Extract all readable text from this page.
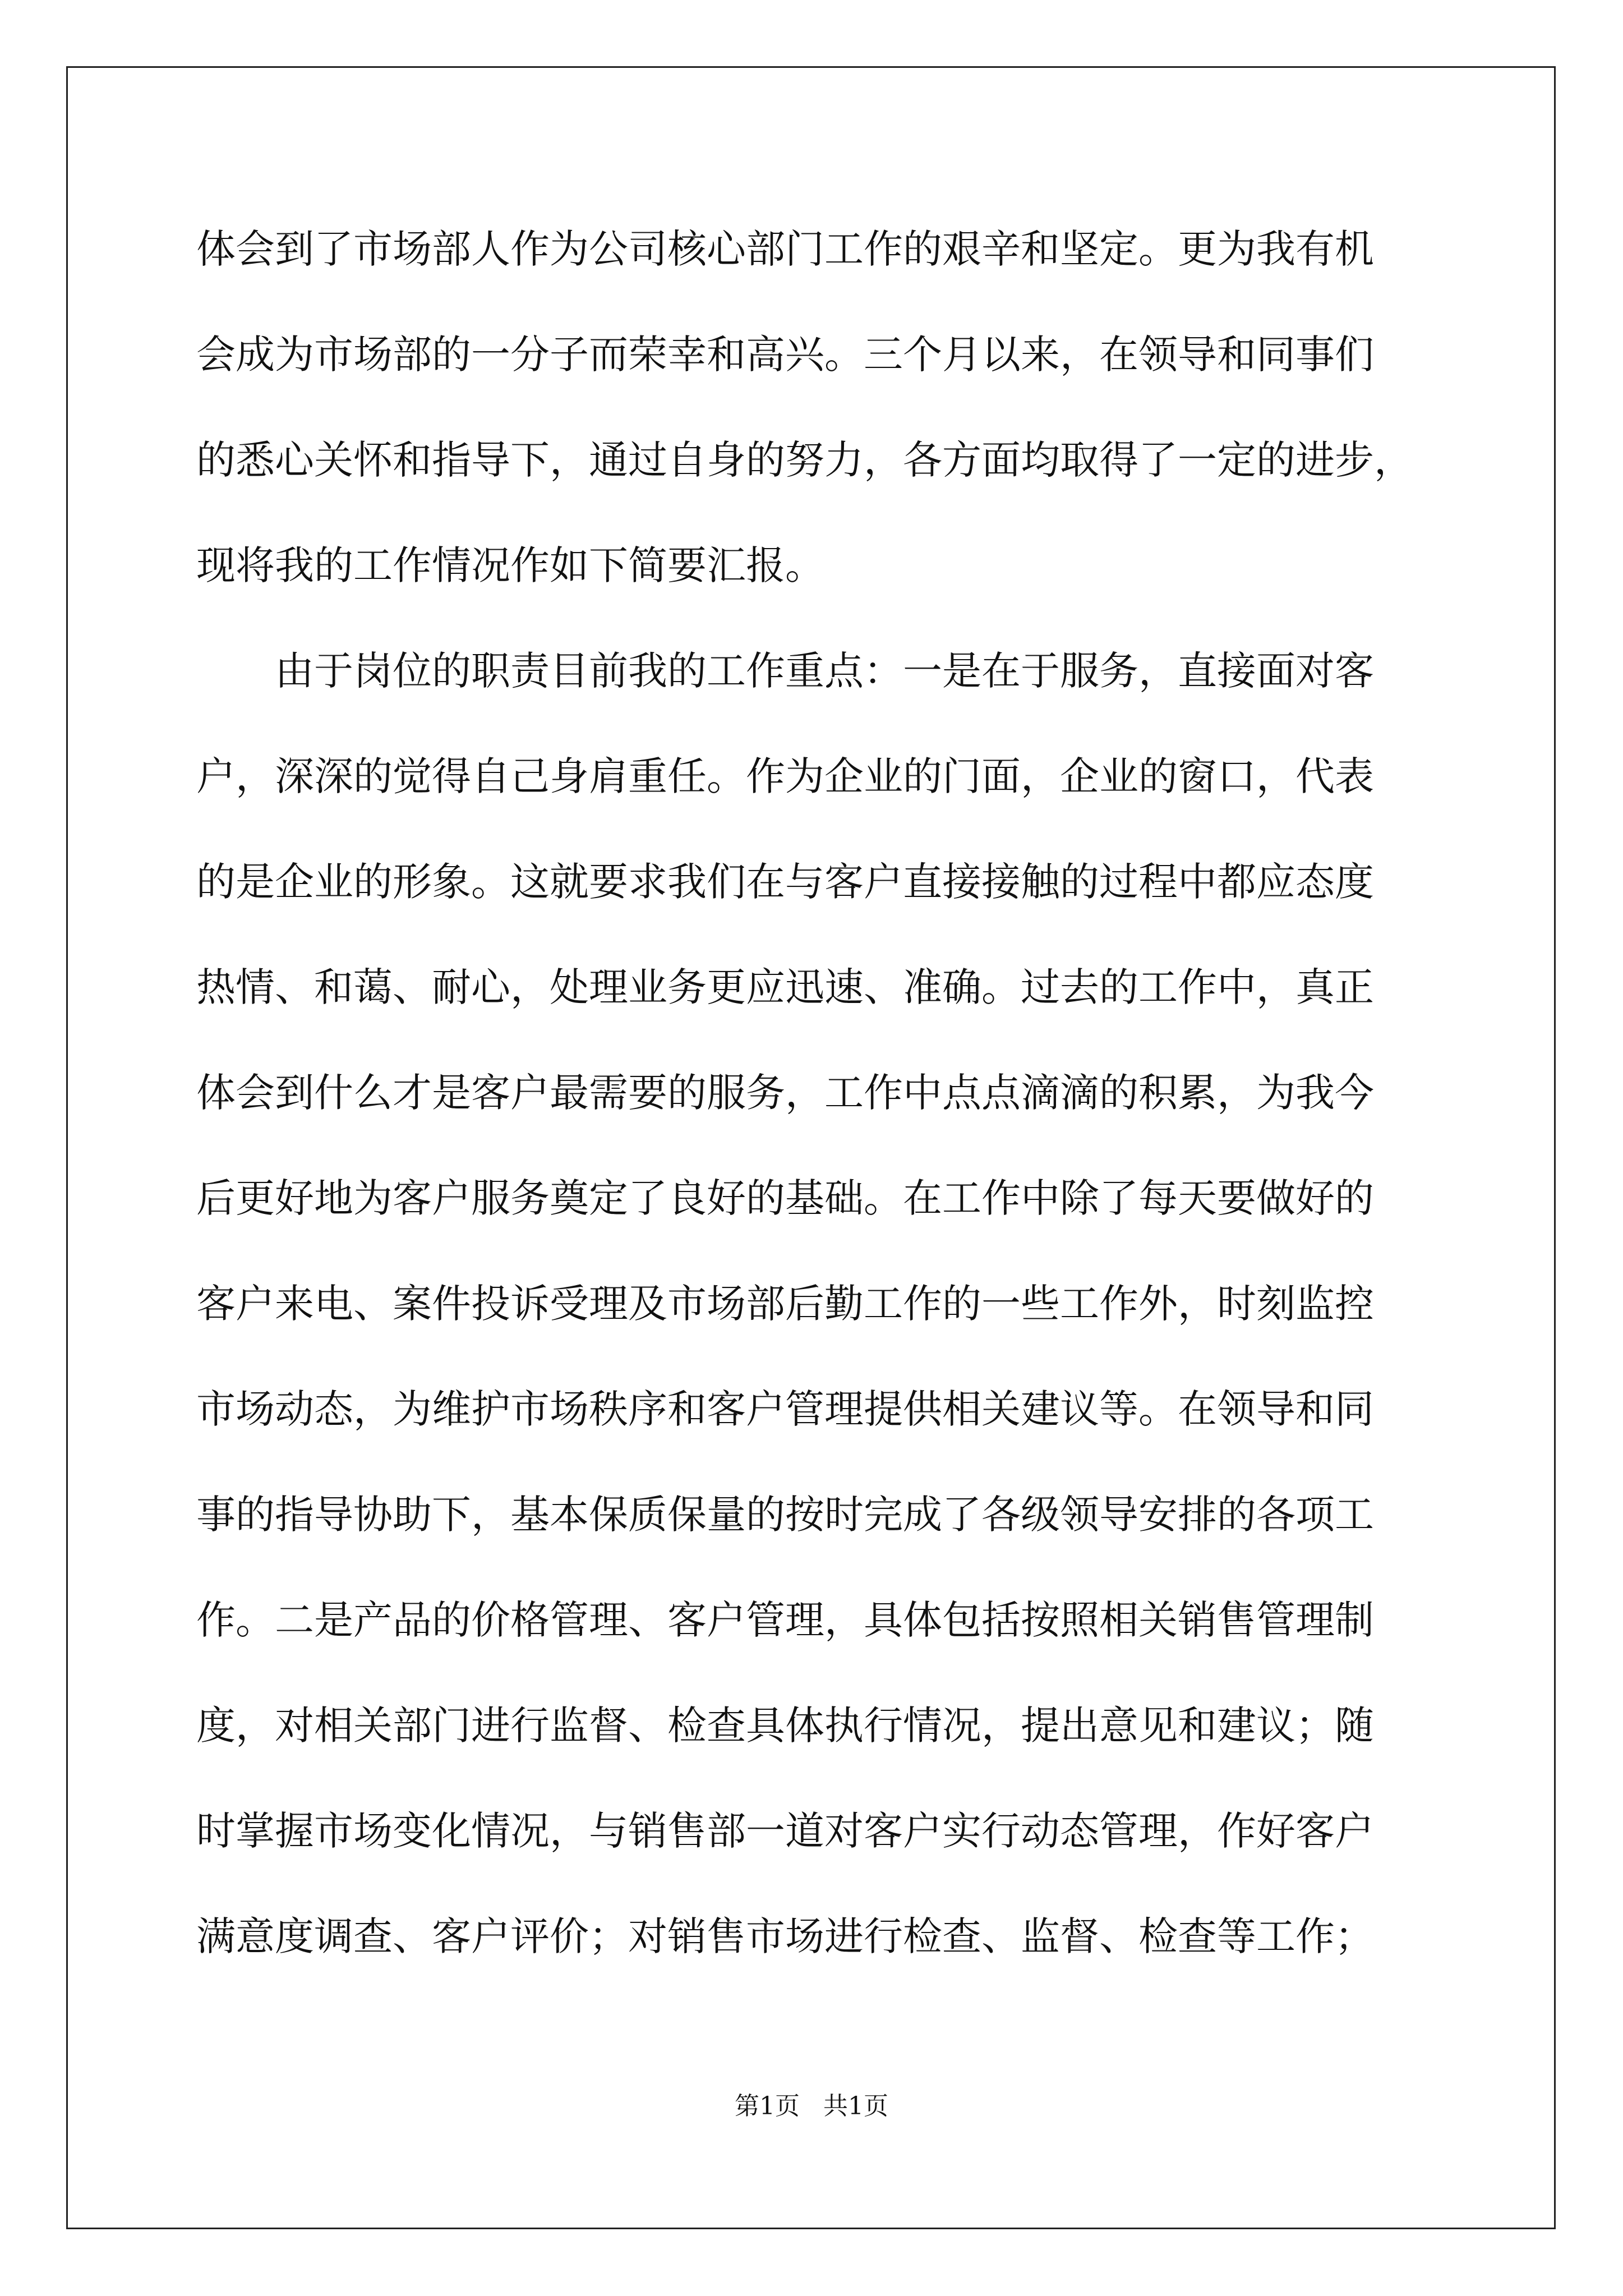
体会到了市场部人作为公司核心部门工作的艰辛和坚定。更为我有机
会成为市场部的一分子而荣幸和高兴。三个月以来，在领导和同事们
的悉心关怀和指导下，通过自身的努力，各方面均取得了一定的进步，
现将我的工作情况作如下简要汇报。
由于岗位的职责目前我的工作重点：一是在于服务，直接面对客
户，深深的觉得自己身肩重任。作为企业的门面，企业的窗口，代表
的是企业的形象。这就要求我们在与客户直接接触的过程中都应态度
热情、和蔼、耐心，处理业务更应迅速、准确。过去的工作中，真正
体会到什么才是客户最需要的服务，工作中点点滴滴的积累，为我今
后更好地为客户服务奠定了良好的基础。在工作中除了每天要做好的
客户来电、案件投诉受理及市场部后勤工作的一些工作外，时刻监控
市场动态，为维护市场秩序和客户管理提供相关建议等。在领导和同
事的指导协助下，基本保质保量的按时完成了各级领导安排的各项工
作。二是产品的价格管理、客户管理，具体包括按照相关销售管理制
度，对相关部门进行监督、检查具体执行情况，提出意见和建议；随
时掌握市场变化情况，与销售部一道对客户实行动态管理，作好客户
满意度调查、客户评价；对销售市场进行检查、监督、检查等工作；
第1页   共1页
